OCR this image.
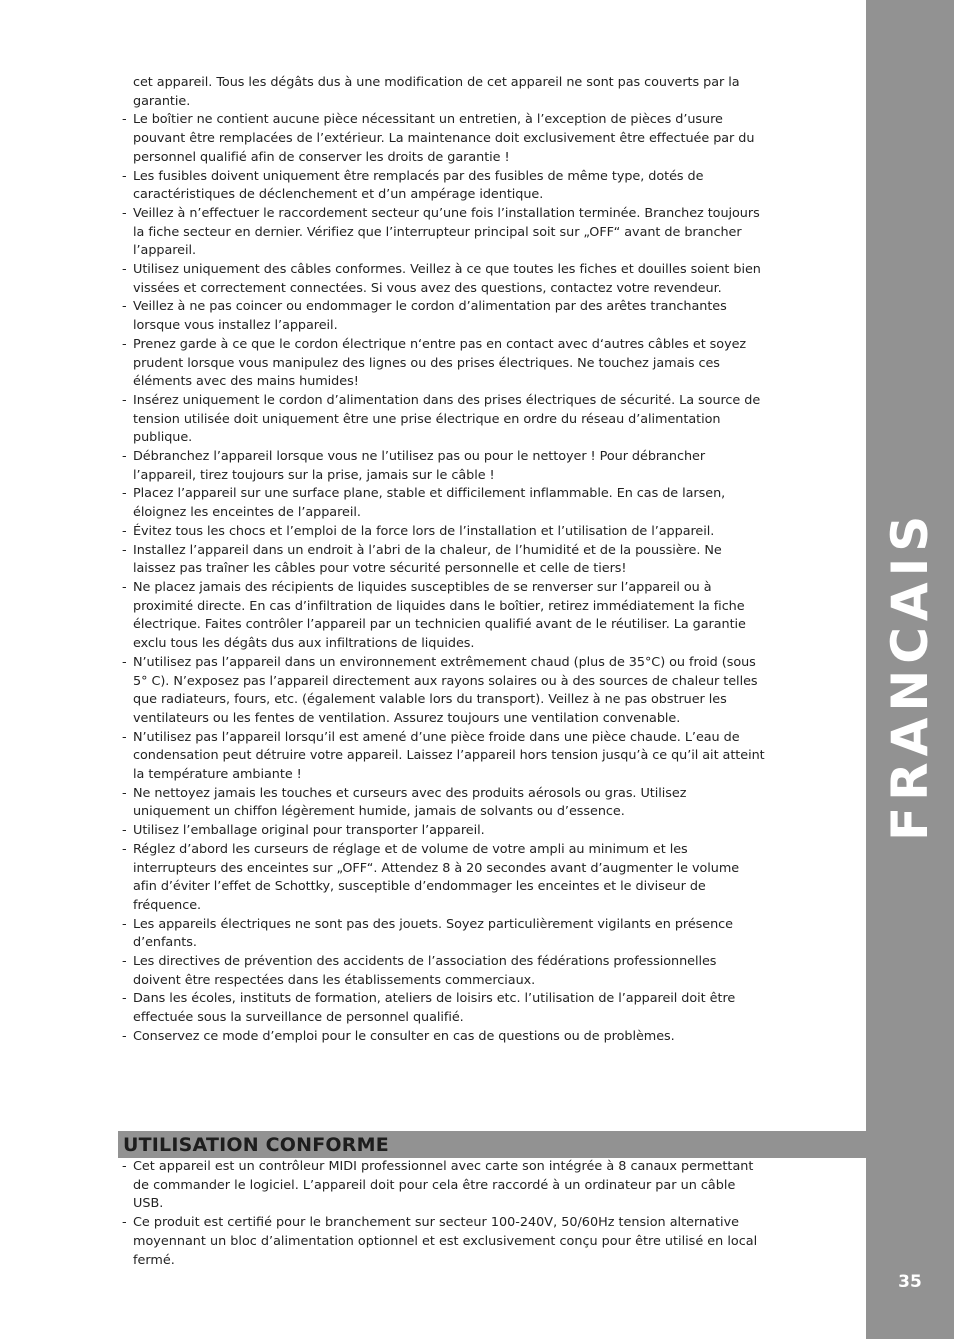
FRANCAIS
35

cet appareil. Tous les dégâts dus à une modification de cet appareil ne sont pas couverts par la garantie.

- Le boîtier ne contient aucune pièce nécessitant un entretien, à l’exception de pièces d’usure pouvant être remplacées de l’extérieur. La maintenance doit exclusivement être effectuée par du personnel qualifié afin de conserver les droits de garantie !
- Les fusibles doivent uniquement être remplacés par des fusibles de même type, dotés de caractéristiques de déclenchement et d’un ampérage identique.
- Veillez à n’effectuer le raccordement secteur qu’une fois l’installation terminée. Branchez toujours la fiche secteur en dernier. Vérifiez que l’interrupteur principal soit sur „OFF“ avant de brancher l’appareil.
- Utilisez uniquement des câbles conformes. Veillez à ce que toutes les fiches et douilles soient bien vissées et correctement connectées. Si vous avez des questions, contactez votre revendeur.
- Veillez à ne pas coincer ou endommager le cordon d’alimentation par des arêtes tranchantes lorsque vous installez l’appareil.
- Prenez garde à ce que le cordon électrique n‘entre pas en contact avec d‘autres câbles et soyez prudent lorsque vous manipulez des lignes ou des prises électriques. Ne touchez jamais ces éléments avec des mains humides!
- Insérez uniquement le cordon d’alimentation dans des prises électriques de sécurité. La source de tension utilisée doit uniquement être une prise électrique en ordre du réseau d’alimentation publique.
- Débranchez l’appareil lorsque vous ne l’utilisez pas ou pour le nettoyer ! Pour débrancher l’appareil, tirez toujours sur la prise, jamais sur le câble !
- Placez l’appareil sur une surface plane, stable et difficilement inflammable. En cas de larsen, éloignez les enceintes de l’appareil.
- Évitez tous les chocs et l’emploi de la force lors de l’installation et l’utilisation de l’appareil.
- Installez l’appareil dans un endroit à l’abri de la chaleur, de l’humidité et de la poussière. Ne laissez pas traîner les câbles pour votre sécurité personnelle et celle de tiers!
- Ne placez jamais des récipients de liquides susceptibles de se renverser sur l’appareil ou à proximité directe. En cas d’infiltration de liquides dans le boîtier, retirez immédiatement la fiche électrique. Faites contrôler l’appareil par un technicien qualifié avant de le réutiliser. La garantie exclu tous les dégâts dus aux infiltrations de liquides.
- N’utilisez pas l’appareil dans un environnement extrêmement chaud (plus de 35°C) ou froid (sous 5° C). N’exposez pas l’appareil directement aux rayons solaires ou à des sources de chaleur telles que radiateurs, fours, etc. (également valable lors du transport). Veillez à ne pas obstruer les ventilateurs ou les fentes de ventilation. Assurez toujours une ventilation convenable.
- N’utilisez pas l’appareil lorsqu’il est amené d’une pièce froide dans une pièce chaude. L’eau de condensation peut détruire votre appareil. Laissez l’appareil hors tension jusqu’à ce qu’il ait atteint la température ambiante !
- Ne nettoyez jamais les touches et curseurs avec des produits aérosols ou gras. Utilisez uniquement un chiffon légèrement humide, jamais de solvants ou d’essence.
- Utilisez l’emballage original pour transporter l’appareil.
- Réglez d’abord les curseurs de réglage et de volume de votre ampli au minimum et les interrupteurs des enceintes sur „OFF“. Attendez 8 à 20 secondes avant d’augmenter le volume afin d’éviter l’effet de Schottky, susceptible d’endommager les enceintes et le diviseur de fréquence.
- Les appareils électriques ne sont pas des jouets. Soyez particulièrement vigilants en présence d’enfants.
- Les directives de prévention des accidents de l’association des fédérations professionnelles doivent être respectées dans les établissements commerciaux.
- Dans les écoles, instituts de formation, ateliers de loisirs etc. l’utilisation de l’appareil doit être effectuée sous la surveillance de personnel qualifié.
- Conservez ce mode d’emploi pour le consulter en cas de questions ou de problèmes.
UTILISATION CONFORME
- Cet appareil est un contrôleur MIDI professionnel avec carte son intégrée à 8 canaux permettant de commander le logiciel. L’appareil doit pour cela être raccordé à un ordinateur par un câble USB.
- Ce produit est certifié pour le branchement sur secteur 100-240V, 50/60Hz tension alternative moyennant un bloc d’alimentation optionnel et est exclusivement conçu pour être utilisé en local fermé.
